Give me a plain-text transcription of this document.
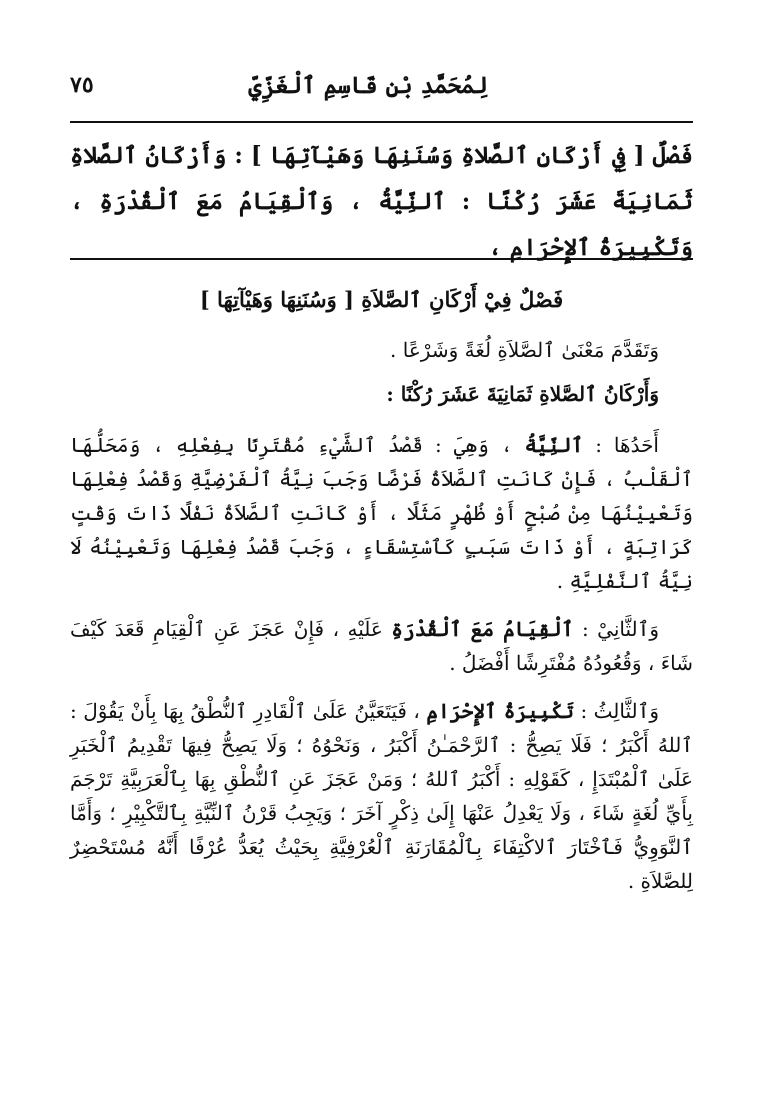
لِمُحَمَّدِ بْنِ قَاسِمِ ٱلْغَزِّيِّ
٧٥
فَصْلٌ [ فِي أَرْكَانِ ٱلصَّلاةِ وَسُنَنِهَا وَهَيْآتِهَا ] : وَأَرْكَانُ ٱلصَّلاةِ ثَمَانِيَةَ عَشَرَ رُكْنًا : ٱلنِّيَّةُ ، وَٱلْقِيَامُ مَعَ ٱلْقُدْرَةِ ، وَتَكْبِيرَةُ ٱلإِحْرَامِ ،

فَصْلٌ فِيْ أَرْكَانِ ٱلصَّلاَةِ [ وَسُنَنِهَا وَهَيْآتِهَا ]

وَتَقَدَّمَ مَعْنَىٰ ٱلصَّلاَةِ لُغَةً وَشَرْعًا .

وَأَرْكَانُ ٱلصَّلاةِ ثَمَانِيَةَ عَشَرَ رُكْنًا :

أَحَدُهَا : ٱلنِّيَّةُ ، وَهِيَ : قَصْدُ ٱلشَّيْءِ مُقْتَرِنًا بِفِعْلِهِ ، وَمَحَلُّهَا ٱلْقَلْبُ ، فَإِنْ كَانَتِ ٱلصَّلاَةُ فَرْضًا وَجَبَ نِيَّةُ ٱلْفَرْضِيَّةِ وَقَصْدُ فِعْلِهَا وَتَعْيِيْنُهَا مِنْ صُبْحٍ أَوْ ظُهْرٍ مَثَلًا ، أَوْ كَانَتِ ٱلصَّلاَةُ نَفْلًا ذَاتَ وَقْتٍ كَرَاتِبَةٍ ، أَوْ ذَاتَ سَبَبٍ كَٱسْتِسْقَاءٍ ، وَجَبَ قَصْدُ فِعْلِهَا وَتَعْيِيْنُهُ لَا نِيَّةُ ٱلنَّفْلِيَّةِ .

وَٱلثَّانِيْ : ٱلْقِيَامُ مَعَ ٱلْقُدْرَةِ عَلَيْهِ ، فَإِنْ عَجَزَ عَنِ ٱلْقِيَامِ قَعَدَ كَيْفَ شَاءَ ، وَقُعُودُهُ مُفْتَرِشًا أَفْضَلُ .

وَٱلثَّالِثُ : تَكْبِيرَةُ ٱلإِحْرَامِ ، فَيَتَعَيَّنُ عَلَىٰ ٱلْقَادِرِ ٱلنُّطْقُ بِهَا بِأَنْ يَقُوْلَ : ٱللهُ أَكْبَرُ ؛ فَلَا يَصِحُّ : ٱلرَّحْمَـٰنُ أَكْبَرُ ، وَنَحْوُهُ ؛ وَلَا يَصِحُّ فِيهَا تَقْدِيمُ ٱلْخَبَرِ عَلَىٰ ٱلْمُبْتَدَإِ ، كَقَوْلِهِ : أَكْبَرُ ٱللهُ ؛ وَمَنْ عَجَزَ عَنِ ٱلنُّطْقِ بِهَا بِٱلْعَرَبِيَّةِ تَرْجَمَ بِأَيِّ لُغَةٍ شَاءَ ، وَلَا يَعْدِلُ عَنْهَا إِلَىٰ ذِكْرٍ آخَرَ ؛ وَيَجِبُ قَرْنُ ٱلنِّيَّةِ بِٱلتَّكْبِيْرِ ؛ وَأَمَّا ٱلنَّوَوِيُّ فَٱخْتَارَ ٱلاكْتِفَاءَ بِٱلْمُقَارَنَةِ ٱلْعُرْفِيَّةِ بِحَيْثُ يُعَدُّ عُرْفًا أَنَّهُ مُسْتَحْضِرٌ لِلصَّلاَةِ .
